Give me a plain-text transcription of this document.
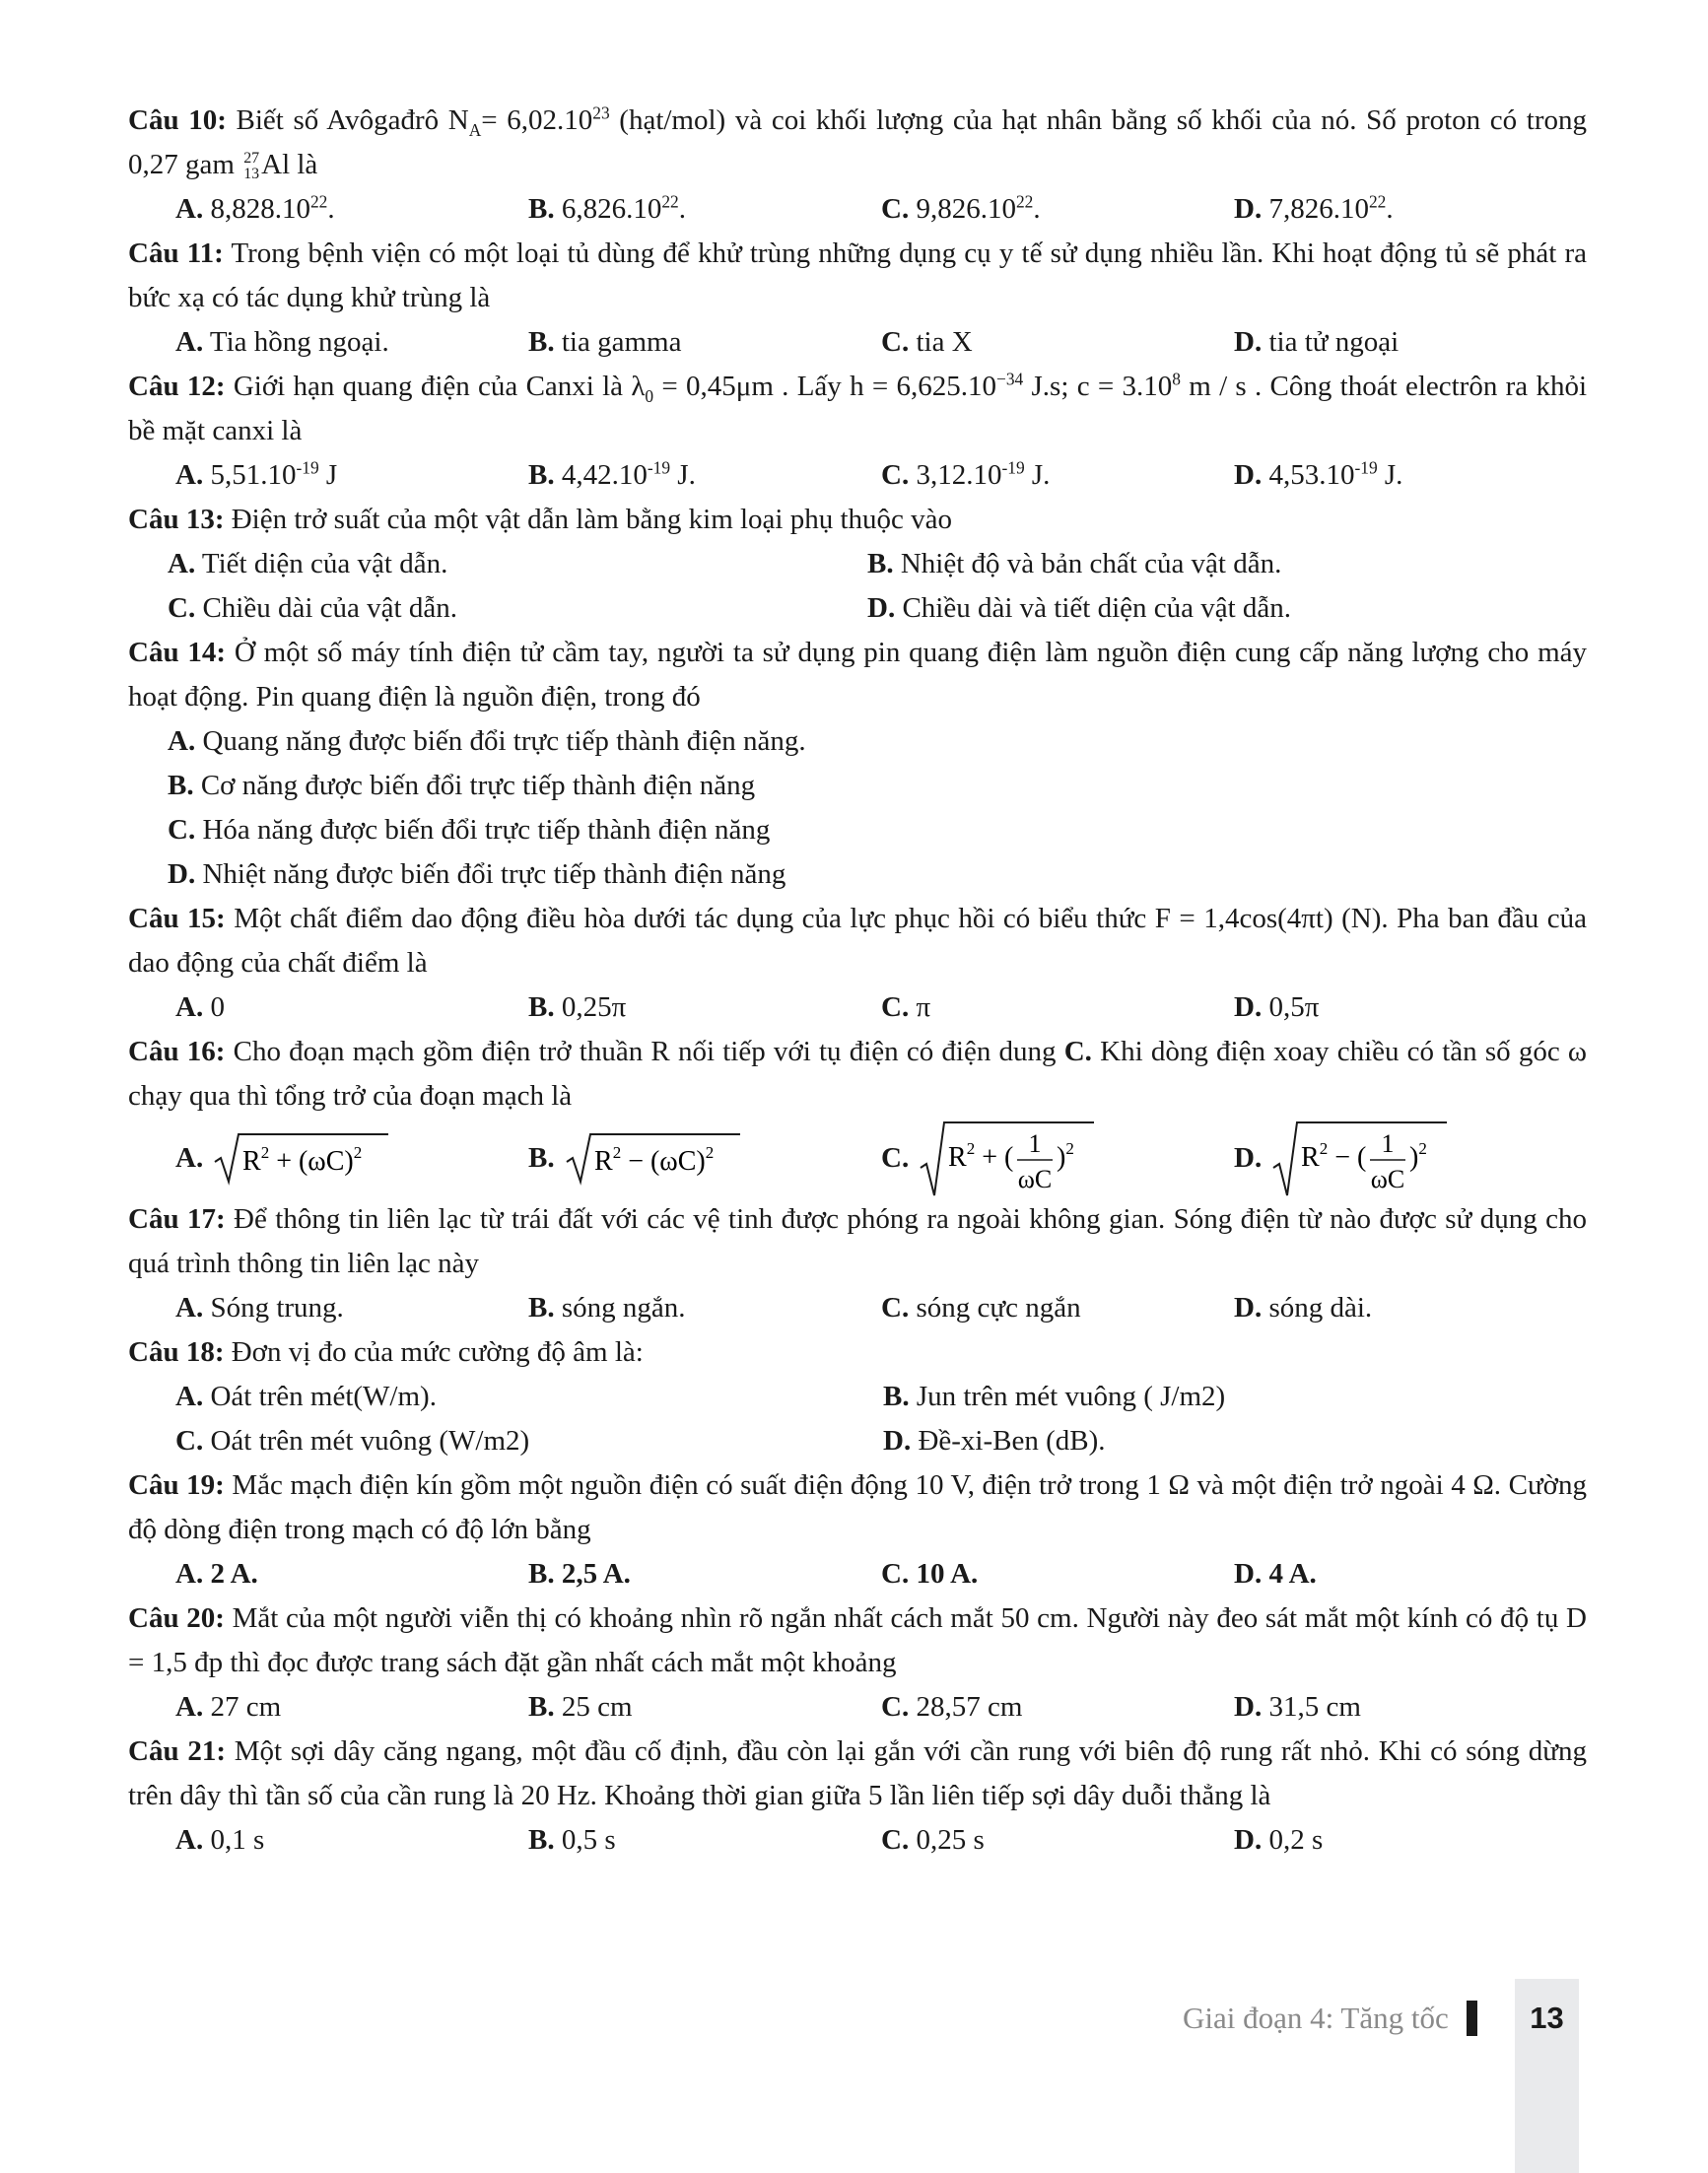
Câu 10: Biết số Avôgađrô $N_A= 6,02.10^{23}$ (hạt/mol) và coi khối lượng của hạt nhân bằng số khối của nó. Số proton có trong 0,27 gam 27
13Al là

A. 8,828.10$^{22}$.	B. 6,826.10$^{22}$.	C. 9,826.10$^{22}$.	D. 7,826.10$^{22}$.

Câu 11: Trong bệnh viện có một loại tủ dùng để khử trùng những dụng cụ y tế sử dụng nhiều lần. Khi hoạt động tủ sẽ phát ra bức xạ có tác dụng khử trùng là

A. Tia hồng ngoại.	B. tia gamma	C. tia X	D. tia tử ngoại

Câu 12: Giới hạn quang điện của Canxi là $\lambda_0 = 0,45\mu m$ . Lấy $h = 6,625.10^{-34}$ J.s; $c = 3.10^8$ m / s . Công thoát electrôn ra khỏi bề mặt canxi là

A. $5,51.10^{-19}$ J	B. $4,42.10^{-19}$ J.	C. $3,12.10^{-19}$ J.	D. $4,53.10^{-19}$ J.

Câu 13: Điện trở suất của một vật dẫn làm bằng kim loại phụ thuộc vào

A. Tiết diện của vật dẫn.	B. Nhiệt độ và bản chất của vật dẫn.
C. Chiều dài của vật dẫn.	D. Chiều dài và tiết diện của vật dẫn.

Câu 14: Ở một số máy tính điện tử cầm tay, người ta sử dụng pin quang điện làm nguồn điện cung cấp năng lượng cho máy hoạt động. Pin quang điện là nguồn điện, trong đó

A. Quang năng được biến đổi trực tiếp thành điện năng.
B. Cơ năng được biến đổi trực tiếp thành điện năng
C. Hóa năng được biến đổi trực tiếp thành điện năng
D. Nhiệt năng được biến đổi trực tiếp thành điện năng

Câu 15: Một chất điểm dao động điều hòa dưới tác dụng của lực phục hồi có biểu thức F = 1,4cos(4πt) (N). Pha ban đầu của dao động của chất điểm là

A. 0	B. 0,25π	C. π	D. 0,5π

Câu 16: Cho đoạn mạch gồm điện trở thuần R nối tiếp với tụ điện có điện dung C. Khi dòng điện xoay chiều có tần số góc ω chạy qua thì tổng trở của đoạn mạch là

A. $R^2 + (\omega C)^2$	B. $R^2 - (\omega C)^2$	C. $R^2$ + ( 1
ωC
)$^2$	D. $R^2$ − ( 1
ωC
)$^2$

Câu 17: Để thông tin liên lạc từ trái đất với các vệ tinh được phóng ra ngoài không gian. Sóng điện từ nào được sử dụng cho quá trình thông tin liên lạc này

A. Sóng trung.	B. sóng ngắn.	C. sóng cực ngắn	D. sóng dài.

Câu 18: Đơn vị đo của mức cường độ âm là:

A. Oát trên mét(W/m).	B. Jun trên mét vuông ( J/m2)
C. Oát trên mét vuông (W/m2)	D. Đề-xi-Ben (dB).

Câu 19: Mắc mạch điện kín gồm một nguồn điện có suất điện động 10 V, điện trở trong 1 Ω và một điện trở ngoài 4 Ω. Cường độ dòng điện trong mạch có độ lớn bằng

A. 2 A.	B. 2,5 A.	C. 10 A.	D. 4 A.

Câu 20: Mắt của một người viễn thị có khoảng nhìn rõ ngắn nhất cách mắt 50 cm. Người này đeo sát mắt một kính có độ tụ D = 1,5 đp thì đọc được trang sách đặt gần nhất cách mắt một khoảng

A. 27 cm	B. 25 cm	C. 28,57 cm	D. 31,5 cm

Câu 21: Một sợi dây căng ngang, một đầu cố định, đầu còn lại gắn với cần rung với biên độ rung rất nhỏ. Khi có sóng dừng trên dây thì tần số của cần rung là 20 Hz. Khoảng thời gian giữa 5 lần liên tiếp sợi dây duỗi thẳng là

A. 0,1 s	B. 0,5 s	C. 0,25 s	D. 0,2 s
Giai đoạn 4: Tăng tốc	13
